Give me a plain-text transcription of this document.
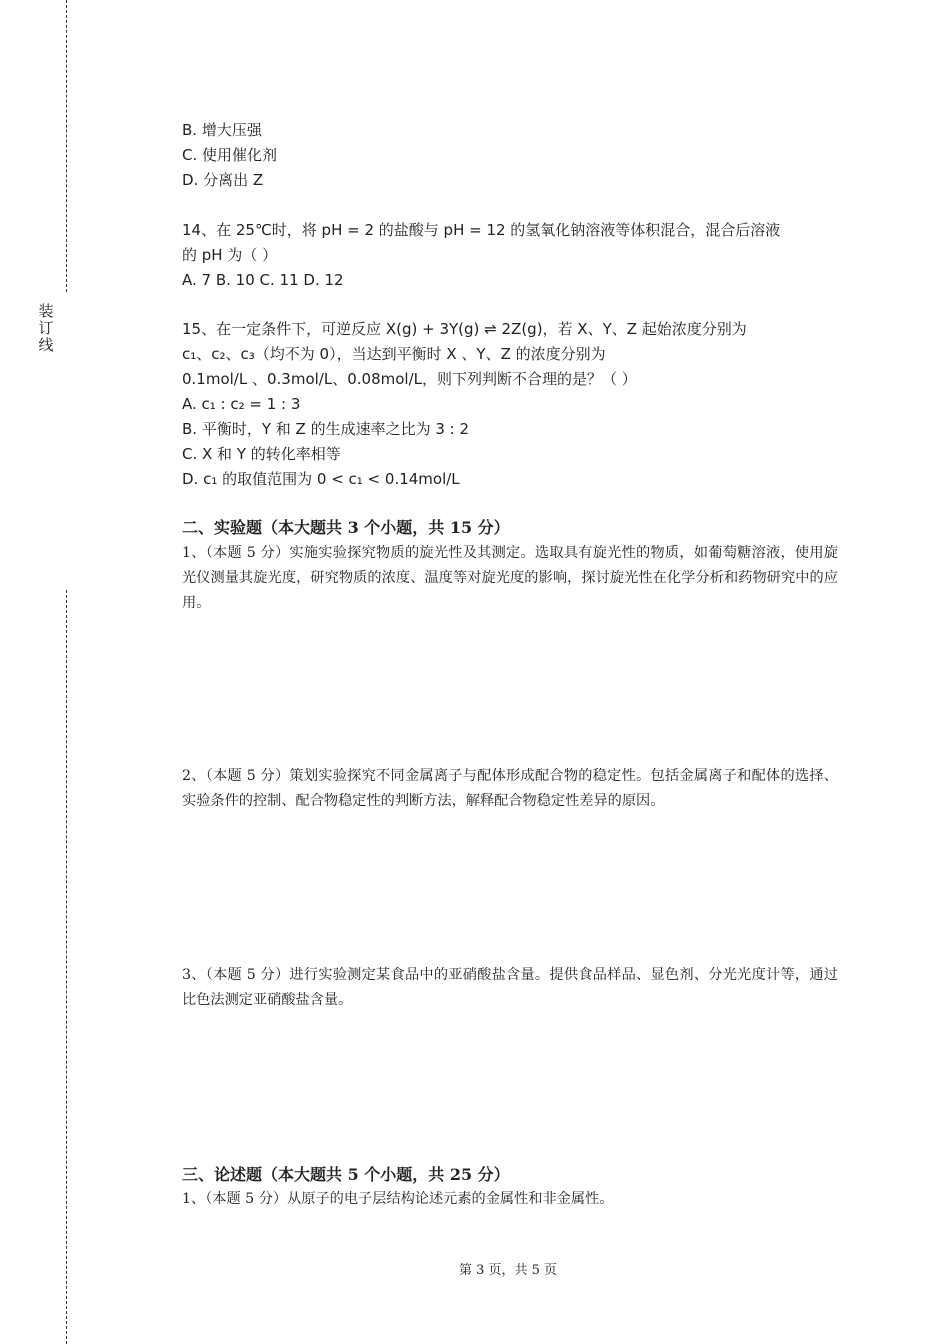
装
订
线
B. 增大压强
C. 使用催化剂
D. 分离出 Z
14、在 25℃时，将 pH = 2 的盐酸与 pH = 12 的氢氧化钠溶液等体积混合，混合后溶液
的 pH 为（ ）
A. 7 B. 10 C. 11 D. 12
15、在一定条件下，可逆反应 X(g) + 3Y(g) ⇌ 2Z(g)，若 X、Y、Z 起始浓度分别为
c₁、c₂、c₃（均不为 0），当达到平衡时 X 、Y、Z 的浓度分别为
0.1mol/L 、0.3mol/L、0.08mol/L，则下列判断不合理的是？（ ）
A. c₁ : c₂ = 1 : 3
B. 平衡时，Y 和 Z 的生成速率之比为 3 : 2
C. X 和 Y 的转化率相等
D. c₁ 的取值范围为 0 < c₁ < 0.14mol/L
二、实验题（本大题共 3 个小题，共 15 分）
1、（本题 5 分）实施实验探究物质的旋光性及其测定。选取具有旋光性的物质，如葡萄糖溶液，使用旋光仪测量其旋光度，研究物质的浓度、温度等对旋光度的影响，探讨旋光性在化学分析和药物研究中的应用。
2、（本题 5 分）策划实验探究不同金属离子与配体形成配合物的稳定性。包括金属离子和配体的选择、实验条件的控制、配合物稳定性的判断方法，解释配合物稳定性差异的原因。
3、（本题 5 分）进行实验测定某食品中的亚硝酸盐含量。提供食品样品、显色剂、分光光度计等，通过比色法测定亚硝酸盐含量。
三、论述题（本大题共 5 个小题，共 25 分）
1、（本题 5 分）从原子的电子层结构论述元素的金属性和非金属性。
第 3 页，共 5 页
